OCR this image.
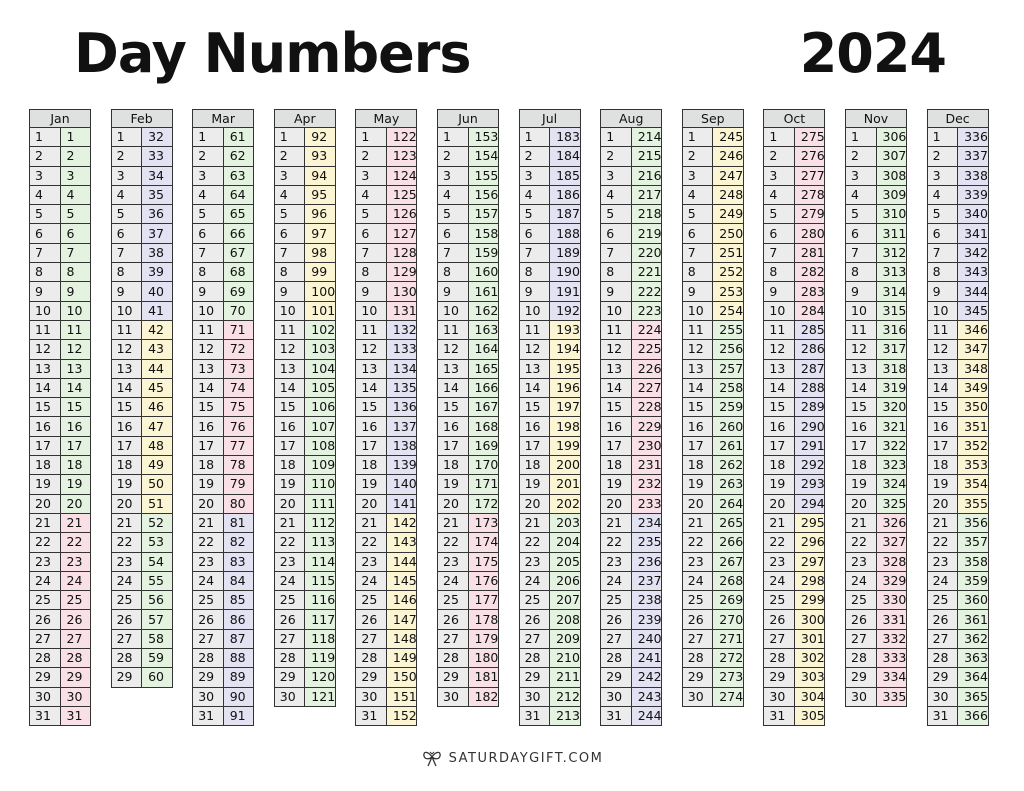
Day Numbers	2024
Jan	
1	1
2	2
3	3
4	4
5	5
6	6
7	7
8	8
9	9
10	10
11	11
12	12
13	13
14	14
15	15
16	16
17	17
18	18
19	19
20	20
21	21
22	22
23	23
24	24
25	25
26	26
27	27
28	28
29	29
30	30
31	31
Feb	
1	32
2	33
3	34
4	35
5	36
6	37
7	38
8	39
9	40
10	41
11	42
12	43
13	44
14	45
15	46
16	47
17	48
18	49
19	50
20	51
21	52
22	53
23	54
24	55
25	56
26	57
27	58
28	59
29	60
Mar	
1	61
2	62
3	63
4	64
5	65
6	66
7	67
8	68
9	69
10	70
11	71
12	72
13	73
14	74
15	75
16	76
17	77
18	78
19	79
20	80
21	81
22	82
23	83
24	84
25	85
26	86
27	87
28	88
29	89
30	90
31	91
Apr	
1	92
2	93
3	94
4	95
5	96
6	97
7	98
8	99
9	100
10	101
11	102
12	103
13	104
14	105
15	106
16	107
17	108
18	109
19	110
20	111
21	112
22	113
23	114
24	115
25	116
26	117
27	118
28	119
29	120
30	121
May	
1	122
2	123
3	124
4	125
5	126
6	127
7	128
8	129
9	130
10	131
11	132
12	133
13	134
14	135
15	136
16	137
17	138
18	139
19	140
20	141
21	142
22	143
23	144
24	145
25	146
26	147
27	148
28	149
29	150
30	151
31	152
Jun	
1	153
2	154
3	155
4	156
5	157
6	158
7	159
8	160
9	161
10	162
11	163
12	164
13	165
14	166
15	167
16	168
17	169
18	170
19	171
20	172
21	173
22	174
23	175
24	176
25	177
26	178
27	179
28	180
29	181
30	182
Jul	
1	183
2	184
3	185
4	186
5	187
6	188
7	189
8	190
9	191
10	192
11	193
12	194
13	195
14	196
15	197
16	198
17	199
18	200
19	201
20	202
21	203
22	204
23	205
24	206
25	207
26	208
27	209
28	210
29	211
30	212
31	213
Aug	
1	214
2	215
3	216
4	217
5	218
6	219
7	220
8	221
9	222
10	223
11	224
12	225
13	226
14	227
15	228
16	229
17	230
18	231
19	232
20	233
21	234
22	235
23	236
24	237
25	238
26	239
27	240
28	241
29	242
30	243
31	244
Sep	
1	245
2	246
3	247
4	248
5	249
6	250
7	251
8	252
9	253
10	254
11	255
12	256
13	257
14	258
15	259
16	260
17	261
18	262
19	263
20	264
21	265
22	266
23	267
24	268
25	269
26	270
27	271
28	272
29	273
30	274
Oct	
1	275
2	276
3	277
4	278
5	279
6	280
7	281
8	282
9	283
10	284
11	285
12	286
13	287
14	288
15	289
16	290
17	291
18	292
19	293
20	294
21	295
22	296
23	297
24	298
25	299
26	300
27	301
28	302
29	303
30	304
31	305
Nov	
1	306
2	307
3	308
4	309
5	310
6	311
7	312
8	313
9	314
10	315
11	316
12	317
13	318
14	319
15	320
16	321
17	322
18	323
19	324
20	325
21	326
22	327
23	328
24	329
25	330
26	331
27	332
28	333
29	334
30	335
Dec	
1	336
2	337
3	338
4	339
5	340
6	341
7	342
8	343
9	344
10	345
11	346
12	347
13	348
14	349
15	350
16	351
17	352
18	353
19	354
20	355
21	356
22	357
23	358
24	359
25	360
26	361
27	362
28	363
29	364
30	365
31	366
SATURDAYGIFT.COM
